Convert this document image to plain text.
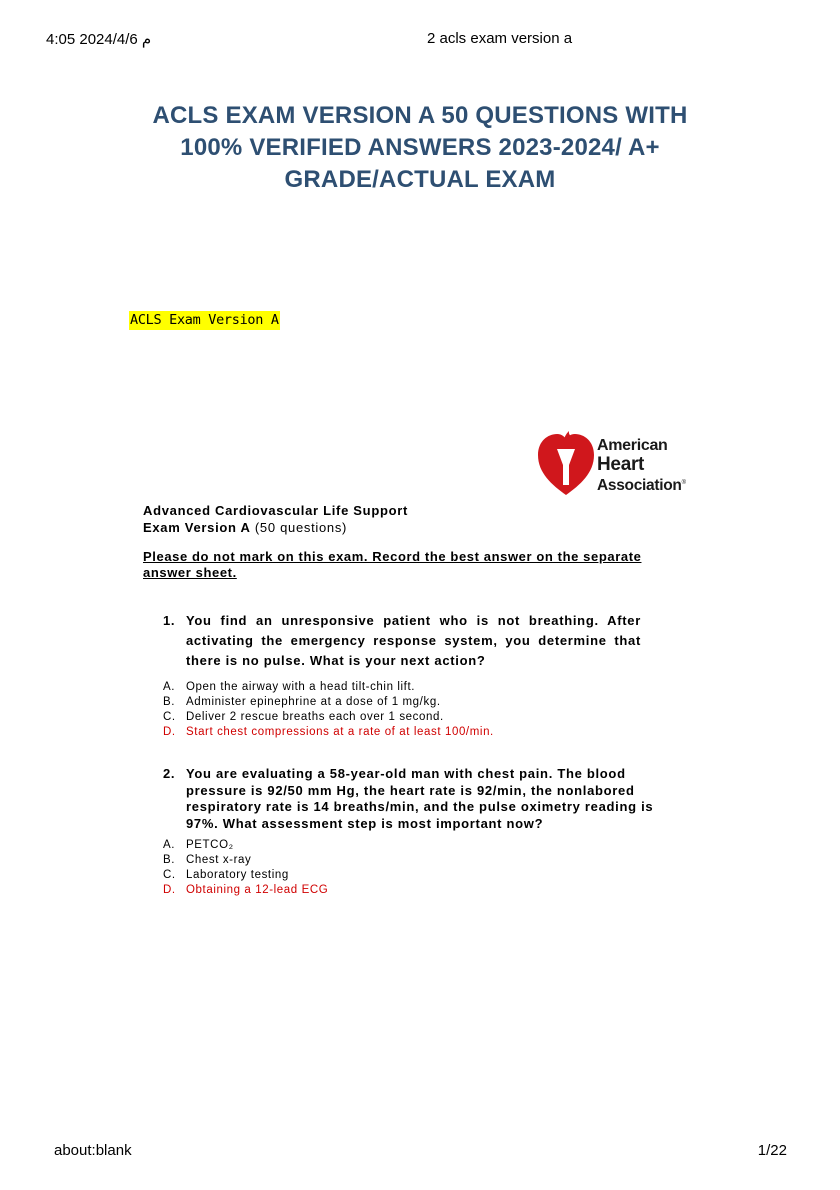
4:05 2024/4/6 م	2 acls exam version a
ACLS EXAM VERSION A 50 QUESTIONS WITH
100% VERIFIED ANSWERS 2023-2024/ A+
GRADE/ACTUAL EXAM
ACLS Exam Version A
American
Heart
Association®
Advanced Cardiovascular Life Support
Exam Version A (50 questions)
Please do not mark on this exam. Record the best answer on the separate answer sheet.
1. You find an unresponsive patient who is not breathing. After activating the emergency response system, you determine that there is no pulse. What is your next action?
A. Open the airway with a head tilt-chin lift.
B. Administer epinephrine at a dose of 1 mg/kg.
C. Deliver 2 rescue breaths each over 1 second.
D. Start chest compressions at a rate of at least 100/min.
2. You are evaluating a 58-year-old man with chest pain. The blood pressure is 92/50 mm Hg, the heart rate is 92/min, the nonlabored respiratory rate is 14 breaths/min, and the pulse oximetry reading is 97%. What assessment step is most important now?
A. PETCO₂
B. Chest x-ray
C. Laboratory testing
D. Obtaining a 12-lead ECG
about:blank	1/22
